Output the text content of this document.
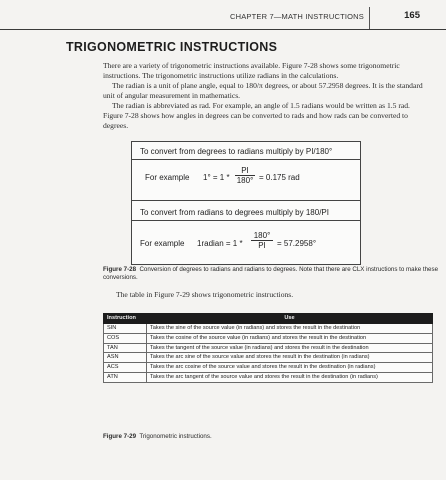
CHAPTER 7—MATH INSTRUCTIONS	165
TRIGONOMETRIC INSTRUCTIONS

There are a variety of trigonometric instructions available. Figure 7-28 shows some trigonometric instructions. The trigonometric instructions utilize radians in the calculations.

The radian is a unit of plane angle, equal to 180/π degrees, or about 57.2958 degrees. It is the standard unit of angular measurement in mathematics.

The radian is abbreviated as rad. For example, an angle of 1.5 radians would be written as 1.5 rad. Figure 7-28 shows how angles in degrees can be converted to rads and how rads can be converted to degrees.

To convert from degrees to radians multiply by PI/180°
For example $1^\circ = 1 * \frac{PI}{180^\circ} = 0.175$ rad
To convert from radians to degrees multiply by 180/PI
For example 1radian = $1 * \frac{180^\circ}{PI} = 57.2958^\circ$
Figure 7-28 Conversion of degrees to radians and radians to degrees. Note that there are CLX instructions to make these conversions.
The table in Figure 7-29 shows trigonometric instructions.
Instruction	Use
SIN	Takes the sine of the source value (in radians) and stores the result in the destination
COS	Takes the cosine of the source value (in radians) and stores the result in the destination
TAN	Takes the tangent of the source value (in radians) and stores the result in the destination
ASN	Takes the arc sine of the source value and stores the result in the destination (in radians)
ACS	Takes the arc cosine of the source value and stores the result in the destination (in radians)
ATN	Takes the arc tangent of the source value and stores the result in the destination (in radians)
Figure 7-29 Trigonometric instructions.
